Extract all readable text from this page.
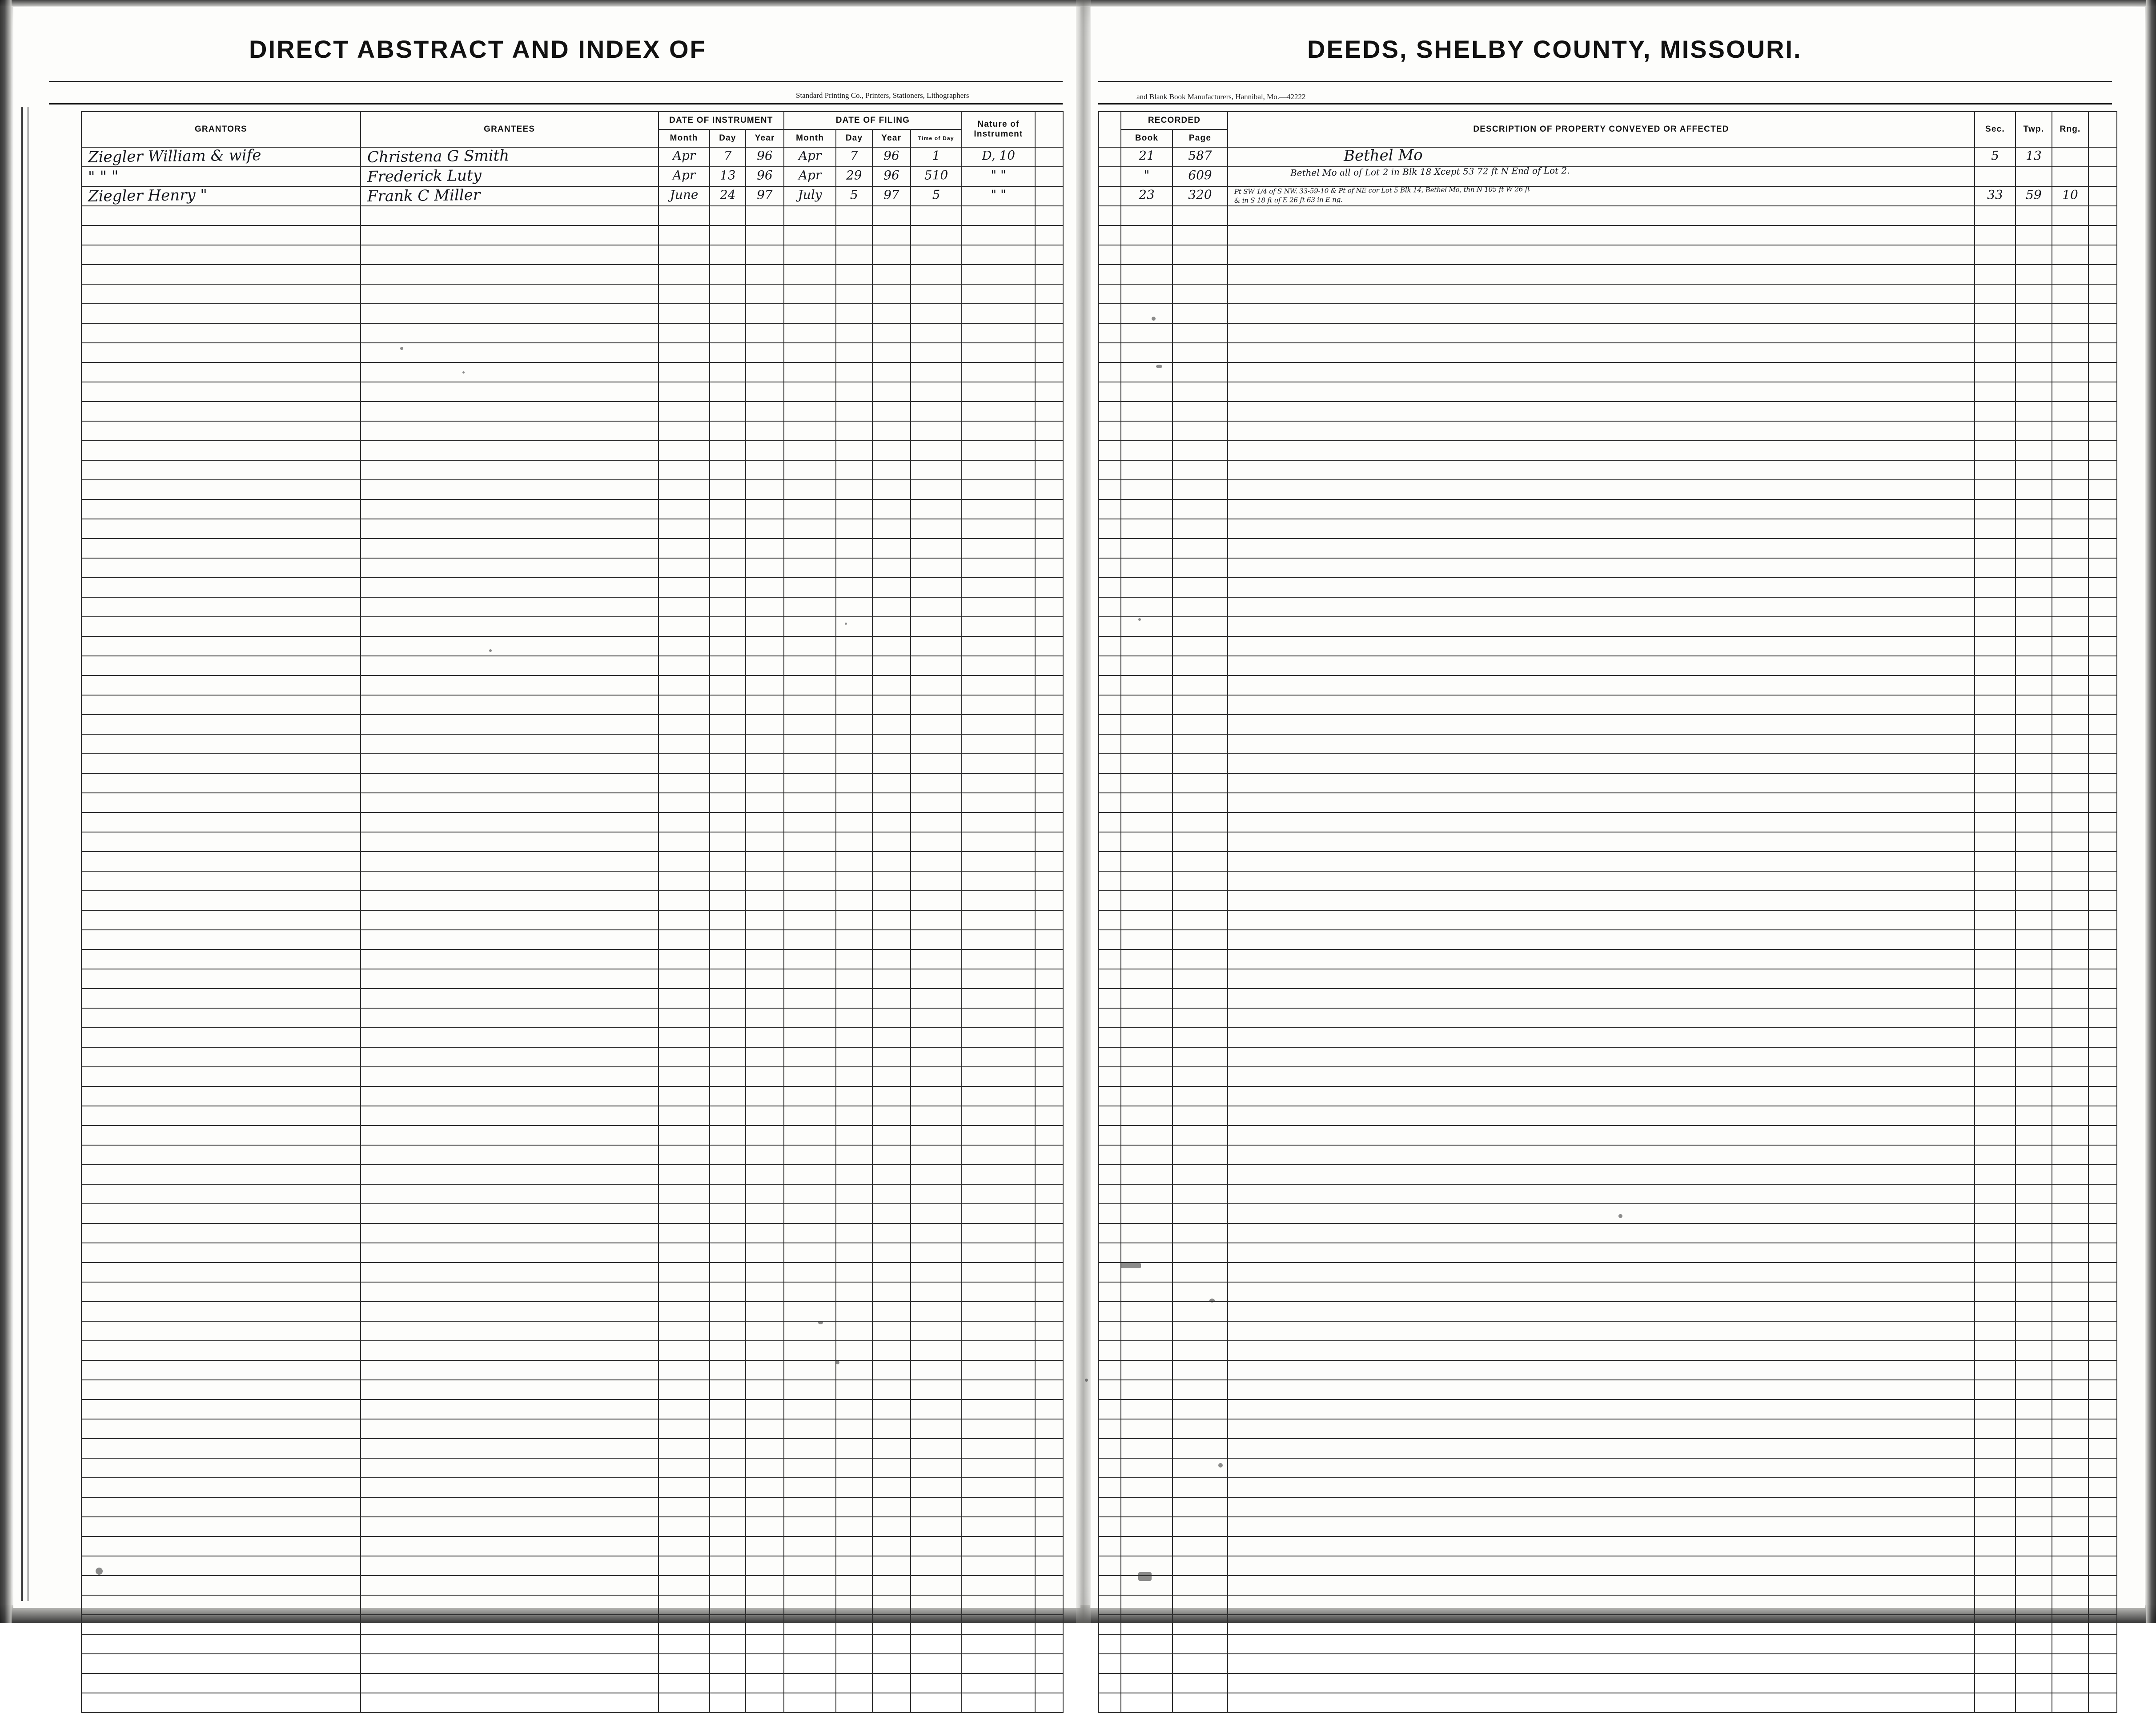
DIRECT ABSTRACT AND INDEX OF	DEEDS, SHELBY COUNTY, MISSOURI.
Standard Printing Co., Printers, Stationers, Lithographers	and Blank Book Manufacturers, Hannibal, Mo.—42222
GRANTORS	GRANTEES	DATE OF INSTRUMENT			DATE OF FILING				Nature of Instrument	
		Month	Day	Year	Month	Day	Year	Time of Day		

Ziegler William & wife	Christena G Smith	Apr	7	96	Apr	7	96	1	D, 10	

" " "	Frederick Luty	Apr	13	96	Apr	29	96	510	" "	

Ziegler Henry "	Frank C Miller	June	24	97	July	5	97	5	" "	

	RECORDED		DESCRIPTION OF PROPERTY CONVEYED OR AFFECTED	Sec.	Twp.	Rng.	
	Book	Page					

	21	587	Bethel Mo	5	13		

	"	609	Bethel Mo all of Lot 2 in Blk 18 Xcept 53 72 ft N End of Lot 2.				

	23	320	Pt SW 1/4 of S NW. 33-59-10 & Pt of NE cor Lot 5 Blk 14, Bethel Mo, thn N 105 ft W 26 ft
& in S 18 ft of E 26 ft 63 in E ng.	33	59	10	
